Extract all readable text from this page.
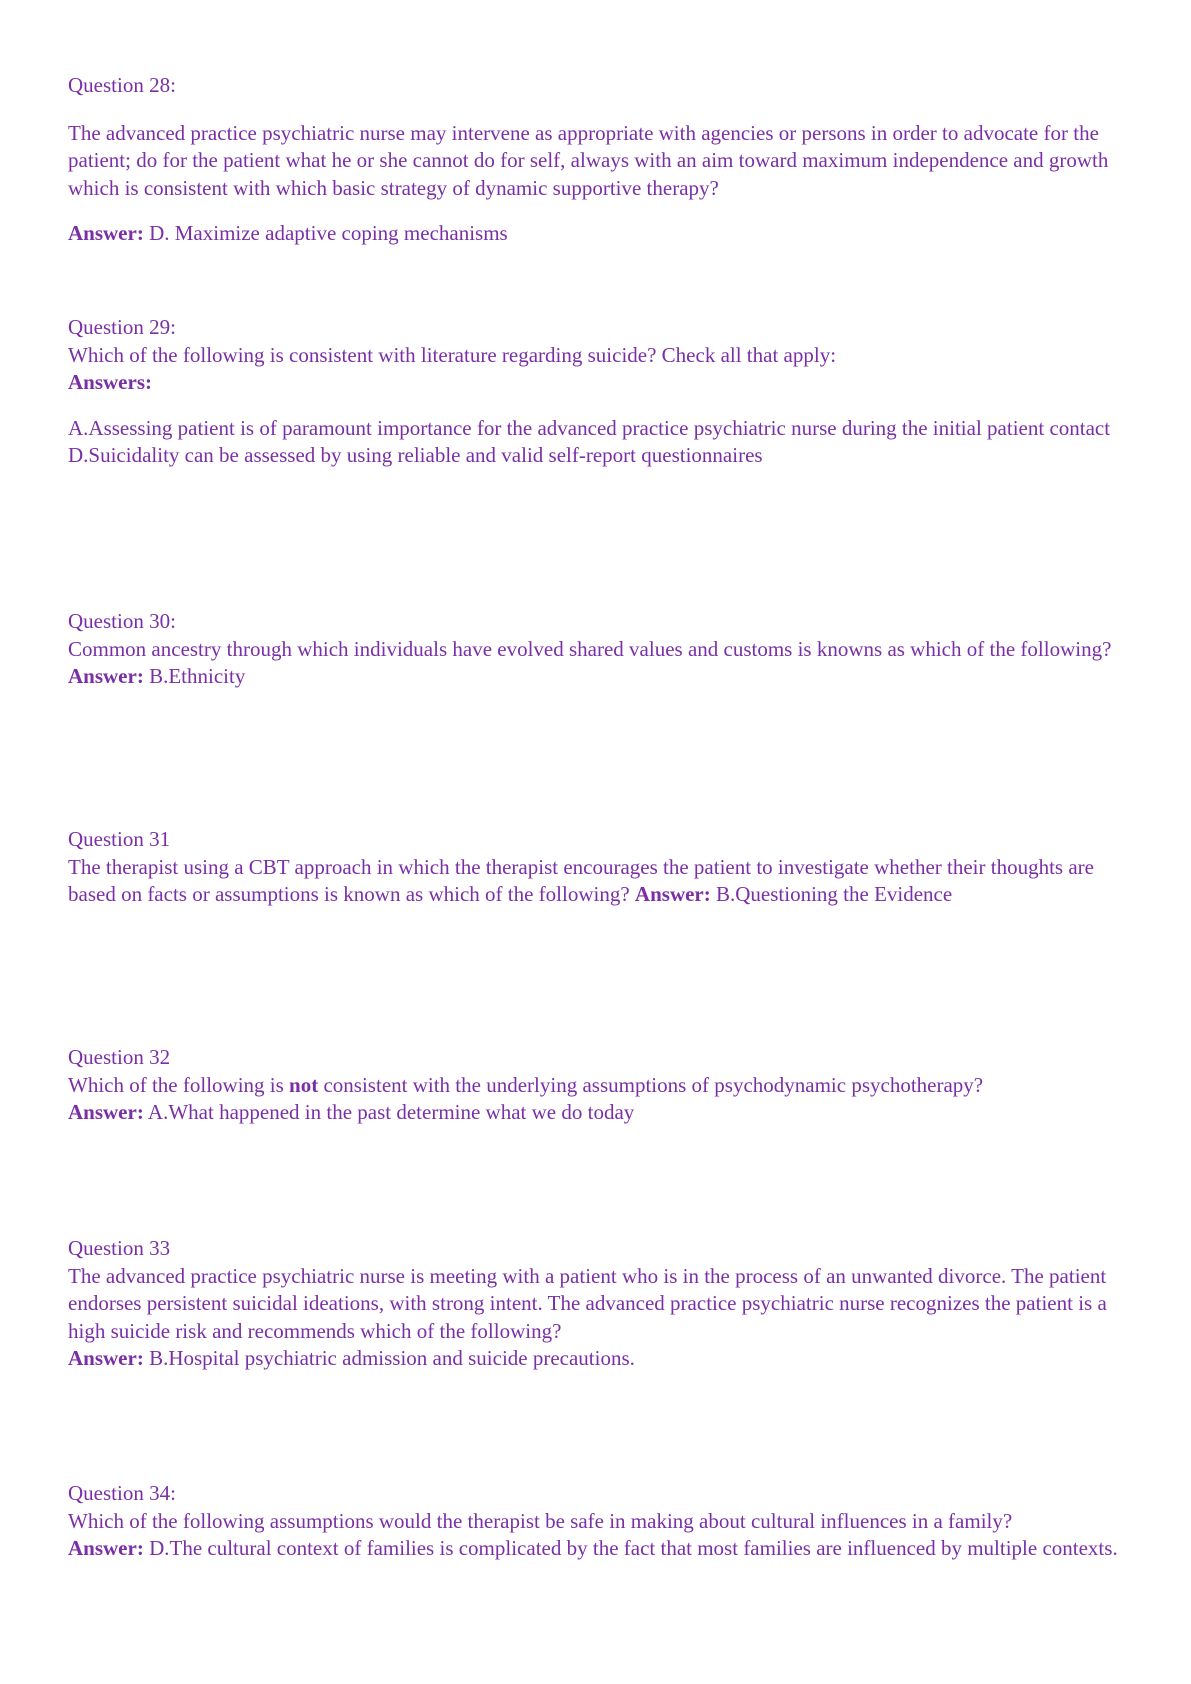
Question 28:

The advanced practice psychiatric nurse may intervene as appropriate with agencies or persons in order to advocate for the patient; do for the patient what he or she cannot do for self, always with an aim toward maximum independence and growth which is consistent with which basic strategy of dynamic supportive therapy?

Answer: D. Maximize adaptive coping mechanisms

Question 29:

Which of the following is consistent with literature regarding suicide? Check all that apply:

Answers:

A.Assessing patient is of paramount importance for the advanced practice psychiatric nurse during the initial patient contact

D.Suicidality can be assessed by using reliable and valid self-report questionnaires

Question 30:

Common ancestry through which individuals have evolved shared values and customs is knowns as which of the following?

Answer: B.Ethnicity

Question 31

The therapist using a CBT approach in which the therapist encourages the patient to investigate whether their thoughts are based on facts or assumptions is known as which of the following? Answer: B.Questioning the Evidence

Question 32

Which of the following is not consistent with the underlying assumptions of psychodynamic psychotherapy?

Answer: A.What happened in the past determine what we do today

Question 33

The advanced practice psychiatric nurse is meeting with a patient who is in the process of an unwanted divorce. The patient endorses persistent suicidal ideations, with strong intent. The advanced practice psychiatric nurse recognizes the patient is a high suicide risk and recommends which of the following?

Answer: B.Hospital psychiatric admission and suicide precautions.

Question 34:

Which of the following assumptions would the therapist be safe in making about cultural influences in a family?

Answer: D.The cultural context of families is complicated by the fact that most families are influenced by multiple contexts.
